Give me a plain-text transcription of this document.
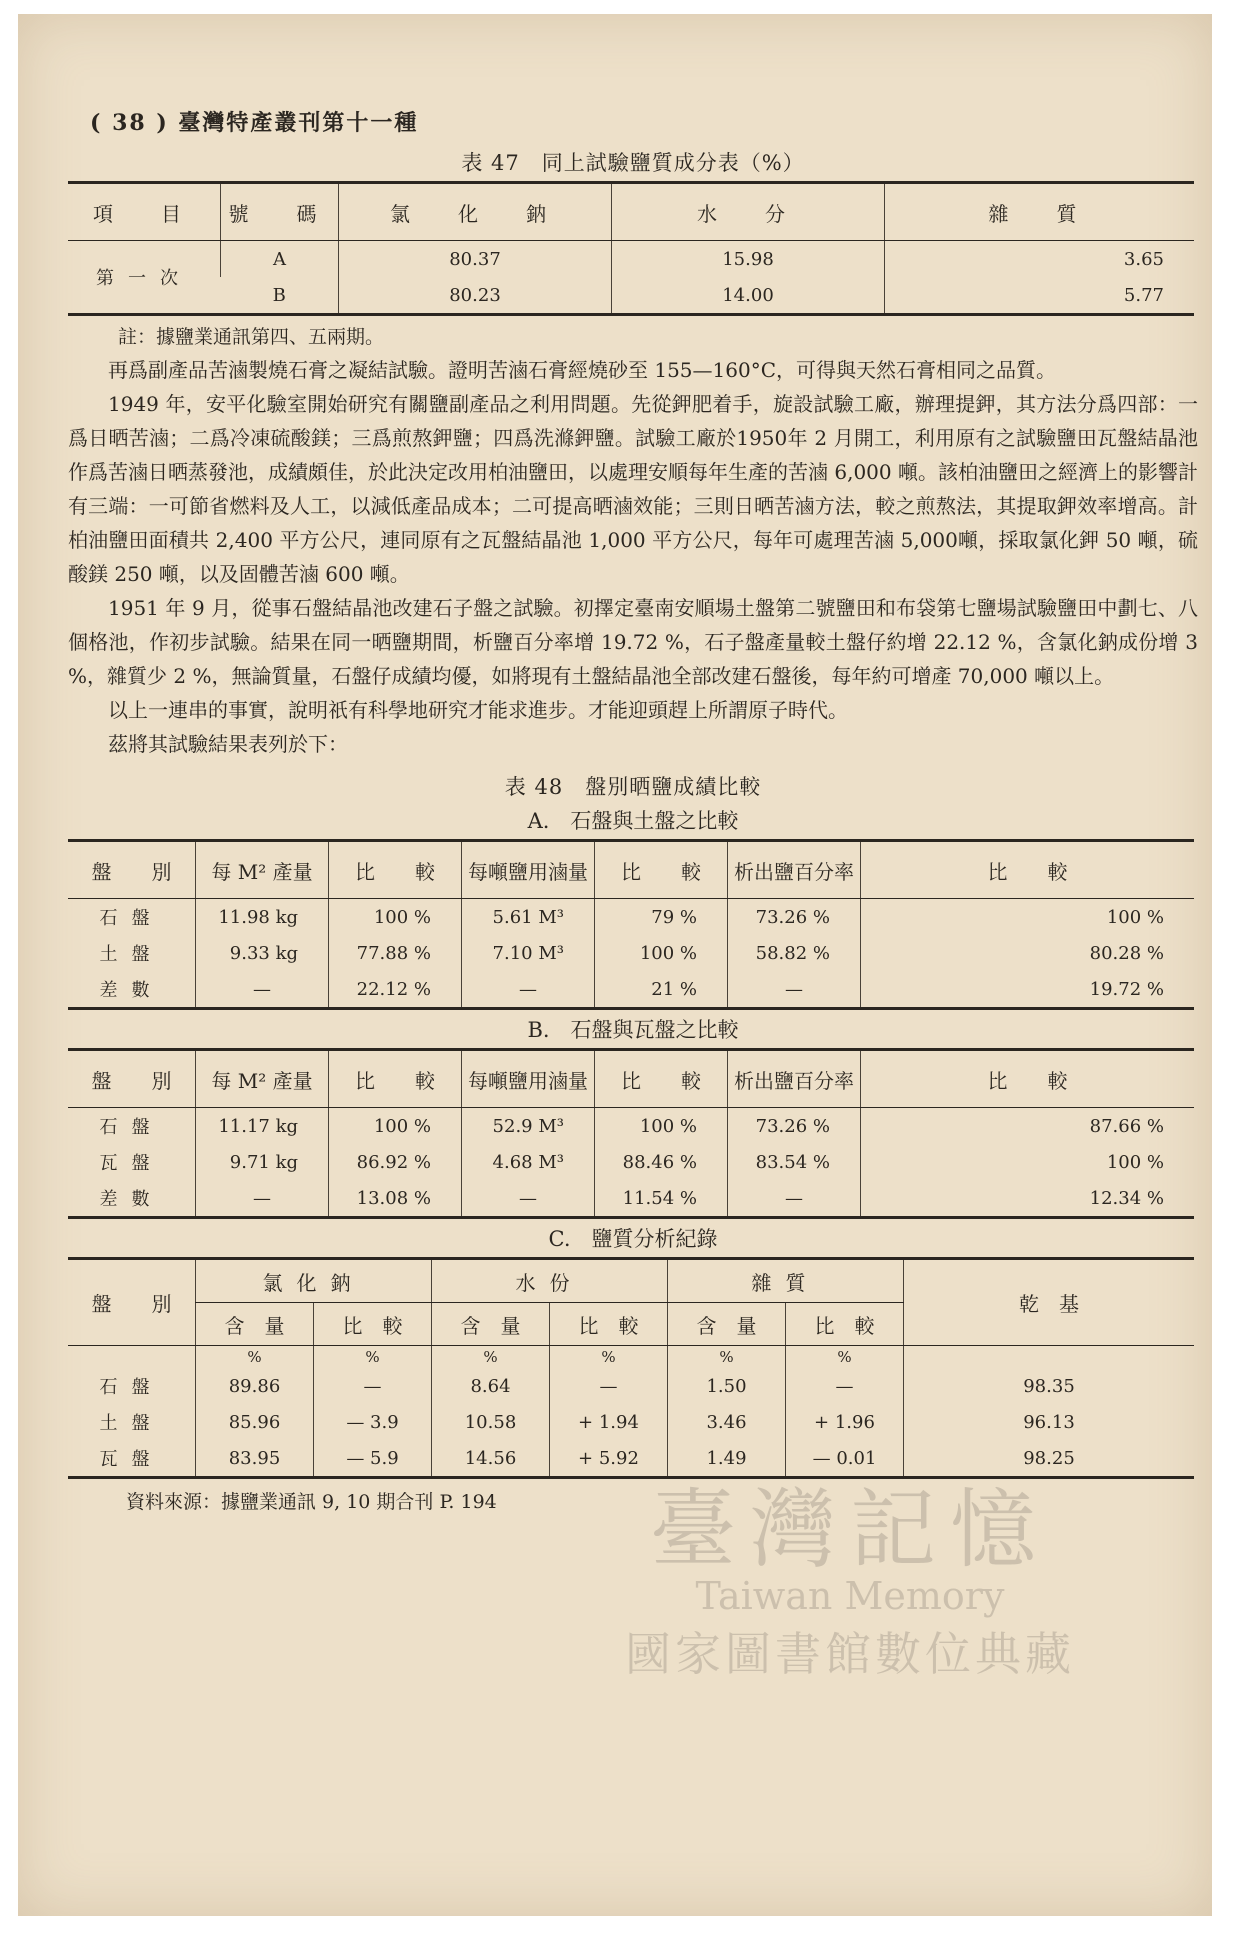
( 38 ) 臺灣特產叢刊第十一種
表 47　同上試驗鹽質成分表（%）
項　目	號　碼	氯　化　鈉	水　分	雜　質
第一次	A	80.37	15.98	3.65
	B	80.23	14.00	5.77

註：據鹽業通訊第四、五兩期。

再爲副產品苦滷製燒石膏之凝結試驗。證明苦滷石膏經燒砂至 155—160°C，可得與天然石膏相同之品質。

1949 年，安平化驗室開始研究有關鹽副產品之利用問題。先從鉀肥着手，旋設試驗工廠，辦理提鉀，其方法分爲四部：一爲日晒苦滷；二爲冷凍硫酸鎂；三爲煎熬鉀鹽；四爲洗滌鉀鹽。試驗工廠於1950年 2 月開工，利用原有之試驗鹽田瓦盤結晶池作爲苦滷日晒蒸發池，成績頗佳，於此決定改用柏油鹽田，以處理安順每年生產的苦滷 6,000 噸。該柏油鹽田之經濟上的影響計有三端：一可節省燃料及人工，以減低產品成本；二可提高晒滷效能；三則日晒苦滷方法，較之煎熬法，其提取鉀效率增高。計柏油鹽田面積共 2,400 平方公尺，連同原有之瓦盤結晶池 1,000 平方公尺，每年可處理苦滷 5,000噸，採取氯化鉀 50 噸，硫酸鎂 250 噸，以及固體苦滷 600 噸。

1951 年 9 月，從事石盤結晶池改建石子盤之試驗。初擇定臺南安順場土盤第二號鹽田和布袋第七鹽場試驗鹽田中劃七、八個格池，作初步試驗。結果在同一晒鹽期間，析鹽百分率增 19.72 %，石子盤產量較土盤仔約增 22.12 %，含氯化鈉成份增 3 %，雜質少 2 %，無論質量，石盤仔成績均優，如將現有土盤結晶池全部改建石盤後，每年約可增產 70,000 噸以上。

以上一連串的事實，說明祇有科學地研究才能求進步。才能迎頭趕上所謂原子時代。

茲將其試驗結果表列於下：

表 48　盤別晒鹽成績比較
A.　石盤與土盤之比較
盤　　別	每 M² 產量	比　　較	每噸鹽用滷量	比　　較	析出鹽百分率	比　　較
石盤	11.98 kg	100 %	5.61 M³	79 %	73.26 %	100 %
土盤	9.33 kg	77.88 %	7.10 M³	100 %	58.82 %	80.28 %
差數	—	22.12 %	—	21 %	—	19.72 %
B.　石盤與瓦盤之比較
盤　　別	每 M² 產量	比　　較	每噸鹽用滷量	比　　較	析出鹽百分率	比　　較
石盤	11.17 kg	100 %	52.9 M³	100 %	73.26 %	87.66 %
瓦盤	9.71 kg	86.92 %	4.68 M³	88.46 %	83.54 %	100 %
差數	—	13.08 %	—	11.54 %	—	12.34 %
C.　鹽質分析紀錄
盤　　別	氯化鈉		水份		雜質		乾　基
	含　量	比　較	含　量	比　較	含　量	比　較	
	%	%	%	%	%	%	
石盤	89.86	—	8.64	—	1.50	—	98.35
土盤	85.96	— 3.9	10.58	+ 1.94	3.46	+ 1.96	96.13
瓦盤	83.95	— 5.9	14.56	+ 5.92	1.49	— 0.01	98.25

資料來源：據鹽業通訊 9, 10 期合刊 P. 194	臺灣記憶
Taiwan Memory
國家圖書館數位典藏
